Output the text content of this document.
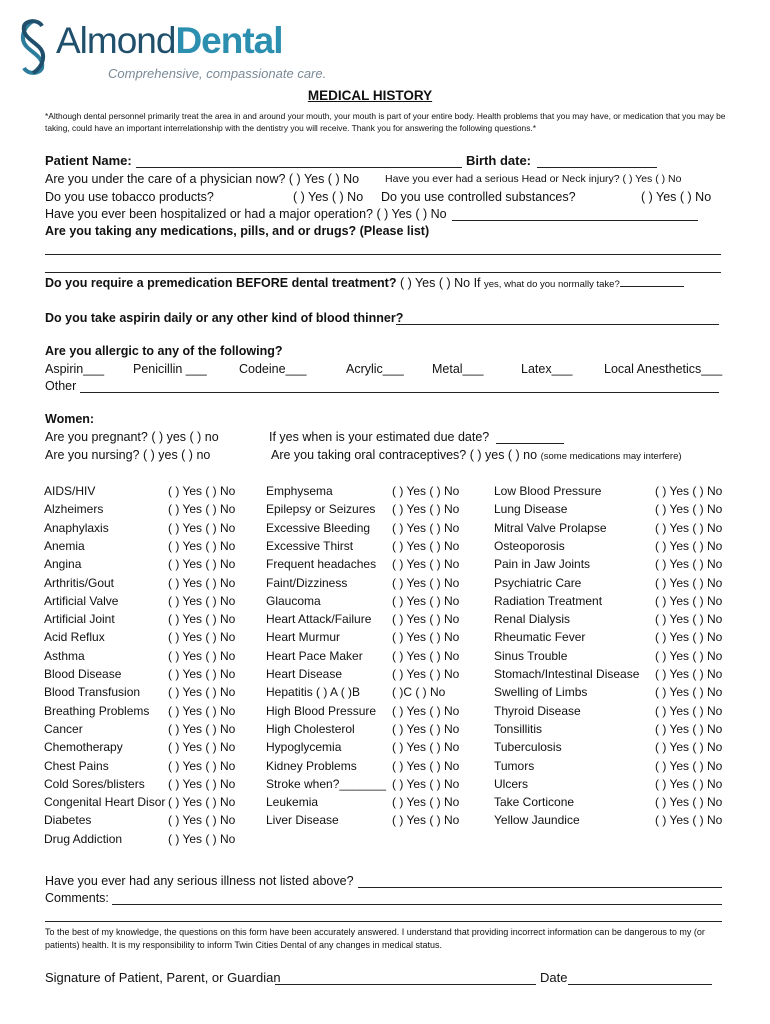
AlmondDental
Comprehensive, compassionate care.
MEDICAL HISTORY
*Although dental personnel primarily treat the area in and around your mouth, your mouth is part of your entire body. Health problems that you may have, or medication that you may be taking, could have an important interrelationship with the dentistry you will receive. Thank you for answering the following questions.*
Patient Name:	Birth date:
Are you under the care of a physician now? ( ) Yes ( ) No Have you ever had a serious Head or Neck injury? ( ) Yes ( ) No
Do you use tobacco products?	( ) Yes ( ) No Do you use controlled substances?	( ) Yes ( ) No
Have you ever been hospitalized or had a major operation? ( ) Yes ( ) No
Are you taking any medications, pills, and or drugs? (Please list)
Do you require a premedication BEFORE dental treatment? ( ) Yes ( ) No If yes, what do you normally take?
Do you take aspirin daily or any other kind of blood thinner?
Are you allergic to any of the following?
Aspirin___ Penicillin ___	Codeine___	Acrylic___ Metal___	Latex___	Local Anesthetics___
Other
Women:
Are you pregnant? ( ) yes ( ) no	If yes when is your estimated due date?
Are you nursing? ( ) yes ( ) no	Are you taking oral contraceptives? ( ) yes ( ) no (some medications may interfere)
AIDS/HIV	( ) Yes ( ) No
Alzheimers	( ) Yes ( ) No
Anaphylaxis	( ) Yes ( ) No
Anemia	( ) Yes ( ) No
Angina	( ) Yes ( ) No
Arthritis/Gout	( ) Yes ( ) No
Artificial Valve	( ) Yes ( ) No
Artificial Joint	( ) Yes ( ) No
Acid Reflux	( ) Yes ( ) No
Asthma	( ) Yes ( ) No
Blood Disease	( ) Yes ( ) No
Blood Transfusion ( ) Yes ( ) No
Breathing Problems ( ) Yes ( ) No
Cancer	( ) Yes ( ) No
Chemotherapy	( ) Yes ( ) No
Chest Pains	( ) Yes ( ) No
Cold Sores/blisters ( ) Yes ( ) No
Congenital Heart Disor ( ) Yes ( ) No
Diabetes	( ) Yes ( ) No
Drug Addiction	( ) Yes ( ) No
Emphysema	( ) Yes ( ) No
Epilepsy or Seizures ( ) Yes ( ) No
Excessive Bleeding ( ) Yes ( ) No
Excessive Thirst	( ) Yes ( ) No
Frequent headaches ( ) Yes ( ) No
Faint/Dizziness	( ) Yes ( ) No
Glaucoma	( ) Yes ( ) No
Heart Attack/Failure ( ) Yes ( ) No
Heart Murmur	( ) Yes ( ) No
Heart Pace Maker ( ) Yes ( ) No
Heart Disease	( ) Yes ( ) No
Hepatitis ( ) A ( )B	( )C ( ) No
High Blood Pressure ( ) Yes ( ) No
High Cholesterol	( ) Yes ( ) No
Hypoglycemia	( ) Yes ( ) No
Kidney Problems	( ) Yes ( ) No
Stroke when?_______ ( ) Yes ( ) No
Leukemia	( ) Yes ( ) No
Liver Disease	( ) Yes ( ) No
Low Blood Pressure	( ) Yes ( ) No
Lung Disease	( ) Yes ( ) No
Mitral Valve Prolapse	( ) Yes ( ) No
Osteoporosis	( ) Yes ( ) No
Pain in Jaw Joints	( ) Yes ( ) No
Psychiatric Care	( ) Yes ( ) No
Radiation Treatment	( ) Yes ( ) No
Renal Dialysis	( ) Yes ( ) No
Rheumatic Fever	( ) Yes ( ) No
Sinus Trouble	( ) Yes ( ) No
Stomach/Intestinal Disease ( ) Yes ( ) No
Swelling of Limbs	( ) Yes ( ) No
Thyroid Disease	( ) Yes ( ) No
Tonsillitis	( ) Yes ( ) No
Tuberculosis	( ) Yes ( ) No
Tumors	( ) Yes ( ) No
Ulcers	( ) Yes ( ) No
Take Corticone	( ) Yes ( ) No
Yellow Jaundice	( ) Yes ( ) No
Have you ever had any serious illness not listed above?
Comments:
To the best of my knowledge, the questions on this form have been accurately answered. I understand that providing incorrect information can be dangerous to my (or patients) health. It is my responsibility to inform Twin Cities Dental of any changes in medical status.
Signature of Patient, Parent, or Guardian	Date
